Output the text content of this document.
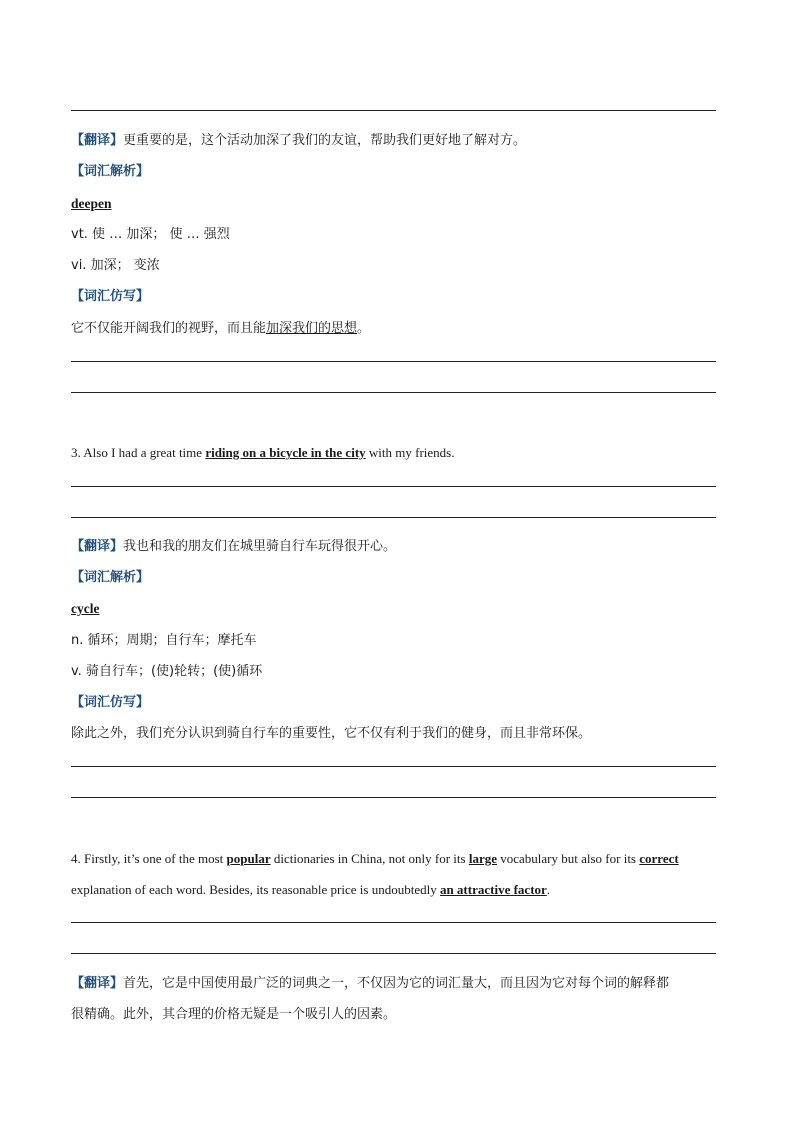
【翻译】更重要的是，这个活动加深了我们的友谊，帮助我们更好地了解对方。
【词汇解析】
deepen
vt. 使 … 加深； 使 … 强烈
vi. 加深； 变浓
【词汇仿写】
它不仅能开阔我们的视野，而且能加深我们的思想。
3. Also I had a great time riding on a bicycle in the city with my friends.
【翻译】我也和我的朋友们在城里骑自行车玩得很开心。
【词汇解析】
cycle
n. 循环；周期；自行车；摩托车
v. 骑自行车；(使)轮转；(使)循环
【词汇仿写】
除此之外，我们充分认识到骑自行车的重要性，它不仅有利于我们的健身，而且非常环保。
4. Firstly, it’s one of the most popular dictionaries in China, not only for its large vocabulary but also for its correct
explanation of each word. Besides, its reasonable price is undoubtedly an attractive factor.
【翻译】首先，它是中国使用最广泛的词典之一，不仅因为它的词汇量大，而且因为它对每个词的解释都
很精确。此外，其合理的价格无疑是一个吸引人的因素。
